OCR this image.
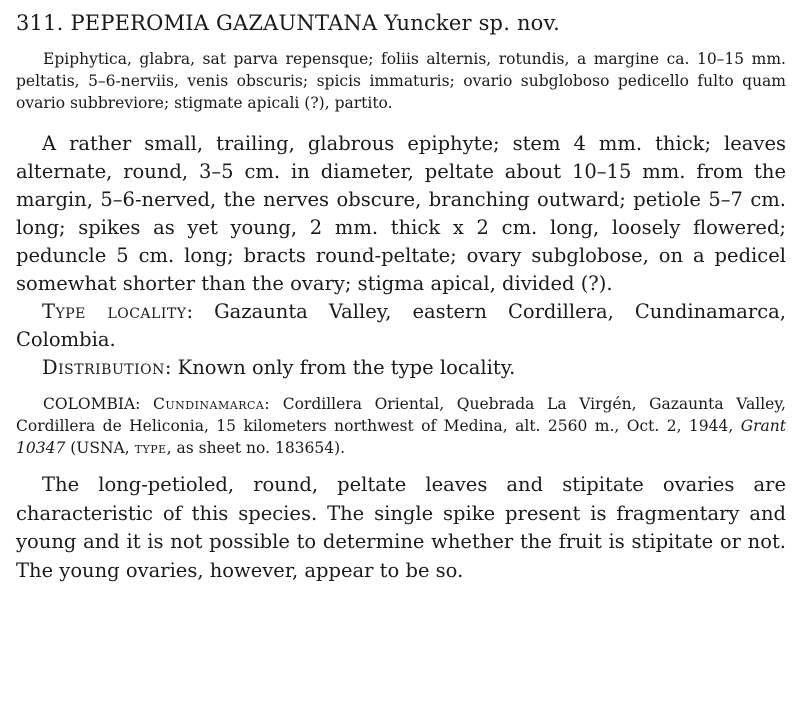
311. PEPEROMIA GAZAUNTANA Yuncker sp. nov.

Epiphytica, glabra, sat parva repensque; foliis alternis, rotundis, a margine ca. 10–15 mm. peltatis, 5–6-nerviis, venis obscuris; spicis immaturis; ovario subgloboso pedicello fulto quam ovario subbreviore; stigmate apicali (?), partito.

A rather small, trailing, glabrous epiphyte; stem 4 mm. thick; leaves alternate, round, 3–5 cm. in diameter, peltate about 10–15 mm. from the margin, 5–6-nerved, the nerves obscure, branching outward; petiole 5–7 cm. long; spikes as yet young, 2 mm. thick x 2 cm. long, loosely flowered; peduncle 5 cm. long; bracts round-peltate; ovary subglobose, on a pedicel somewhat shorter than the ovary; stigma apical, divided (?).

Type locality: Gazaunta Valley, eastern Cordillera, Cundinamarca, Colombia.

Distribution: Known only from the type locality.

COLOMBIA: Cundinamarca: Cordillera Oriental, Quebrada La Virgén, Gazaunta Valley, Cordillera de Heliconia, 15 kilometers northwest of Medina, alt. 2560 m., Oct. 2, 1944, Grant 10347 (USNA, type, as sheet no. 183654).

The long-petioled, round, peltate leaves and stipitate ovaries are characteristic of this species. The single spike present is fragmentary and young and it is not possible to determine whether the fruit is stipitate or not. The young ovaries, however, appear to be so.
